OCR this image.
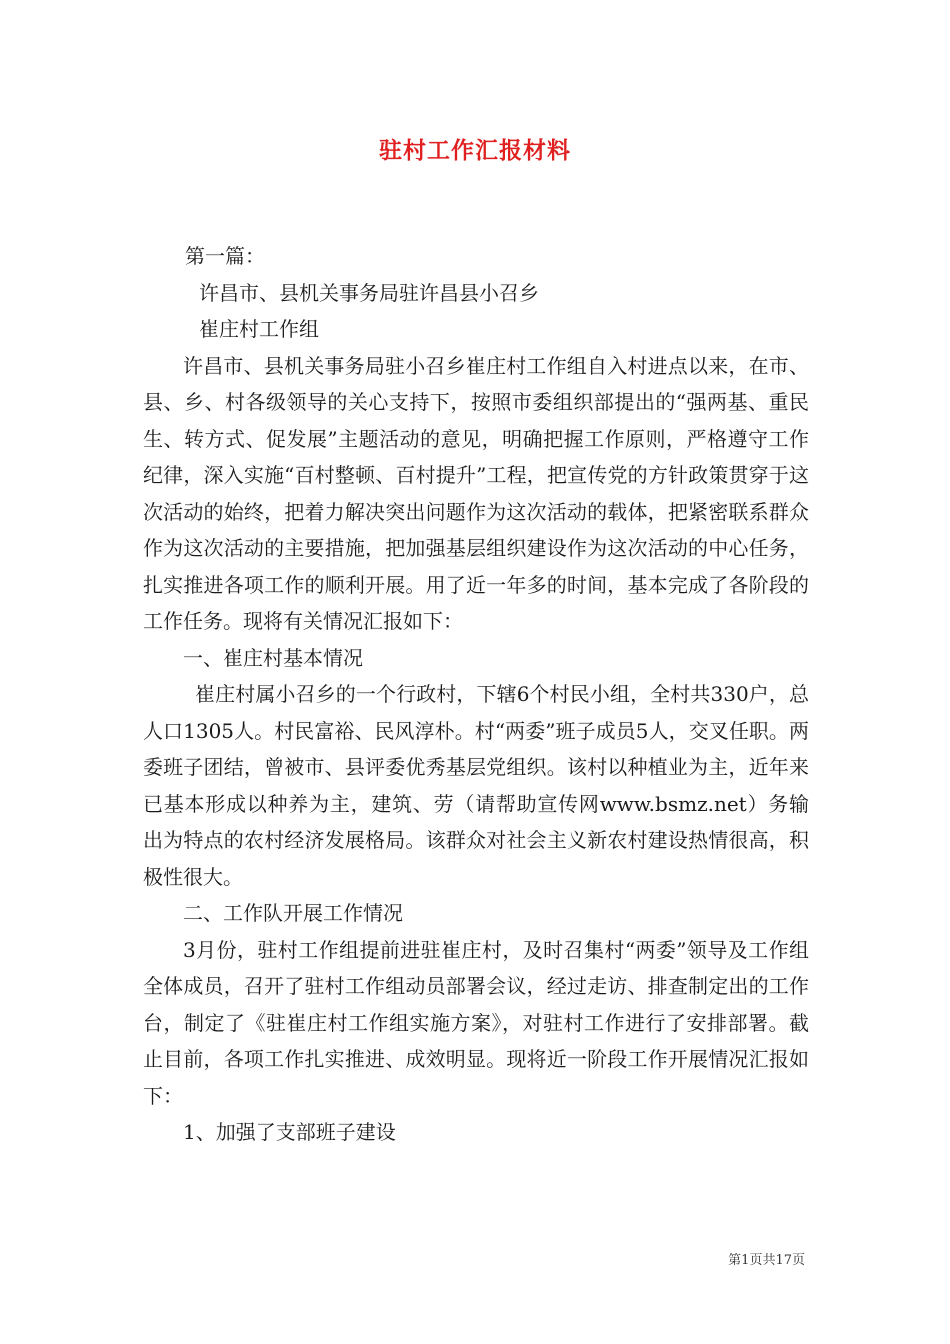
驻村工作汇报材料

第一篇：

许昌市、县机关事务局驻许昌县小召乡

崔庄村工作组

许昌市、县机关事务局驻小召乡崔庄村工作组自入村进点以来，在市、县、乡、村各级领导的关心支持下，按照市委组织部提出的“强两基、重民生、转方式、促发展”主题活动的意见，明确把握工作原则，严格遵守工作纪律，深入实施“百村整顿、百村提升”工程，把宣传党的方针政策贯穿于这次活动的始终，把着力解决突出问题作为这次活动的载体，把紧密联系群众作为这次活动的主要措施，把加强基层组织建设作为这次活动的中心任务，扎实推进各项工作的顺利开展。用了近一年多的时间，基本完成了各阶段的工作任务。现将有关情况汇报如下：

一、崔庄村基本情况

崔庄村属小召乡的一个行政村，下辖6个村民小组，全村共330户，总人口1305人。村民富裕、民风淳朴。村“两委”班子成员5人，交叉任职。两委班子团结，曾被市、县评委优秀基层党组织。该村以种植业为主，近年来已基本形成以种养为主，建筑、劳（请帮助宣传网www.bsmz.net）务输出为特点的农村经济发展格局。该群众对社会主义新农村建设热情很高，积极性很大。

二、工作队开展工作情况

3月份，驻村工作组提前进驻崔庄村，及时召集村“两委”领导及工作组全体成员，召开了驻村工作组动员部署会议，经过走访、排查制定出的工作台，制定了《驻崔庄村工作组实施方案》，对驻村工作进行了安排部署。截止目前，各项工作扎实推进、成效明显。现将近一阶段工作开展情况汇报如下：

1、加强了支部班子建设

第1页共17页
